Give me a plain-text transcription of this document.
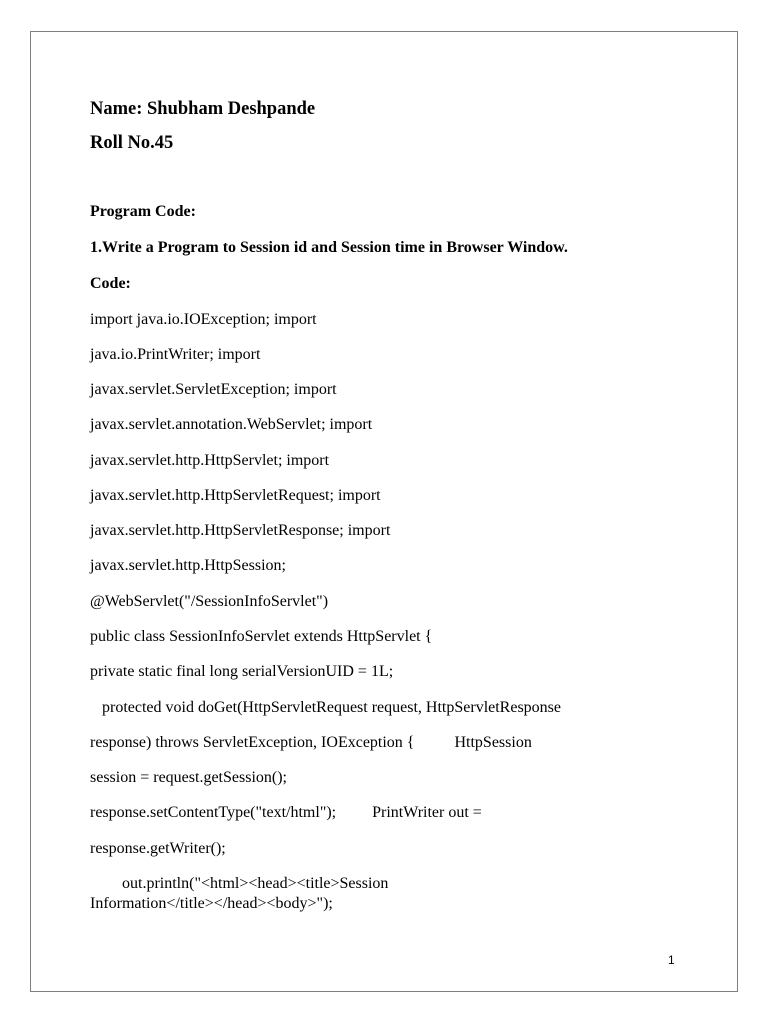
Name: Shubham Deshpande
Roll No.45
Program Code:
1.Write a Program to Session id and Session time in Browser Window.
Code:
import java.io.IOException; import
java.io.PrintWriter; import
javax.servlet.ServletException; import
javax.servlet.annotation.WebServlet; import
javax.servlet.http.HttpServlet; import
javax.servlet.http.HttpServletRequest; import
javax.servlet.http.HttpServletResponse; import
javax.servlet.http.HttpSession;
@WebServlet("/SessionInfoServlet")
public class SessionInfoServlet extends HttpServlet {
private static final long serialVersionUID = 1L;
protected void doGet(HttpServletRequest request, HttpServletResponse
response) throws ServletException, IOException {          HttpSession
session = request.getSession();
response.setContentType("text/html");         PrintWriter out =
response.getWriter();
out.println("<html><head><title>Session
Information</title></head><body>");
1
